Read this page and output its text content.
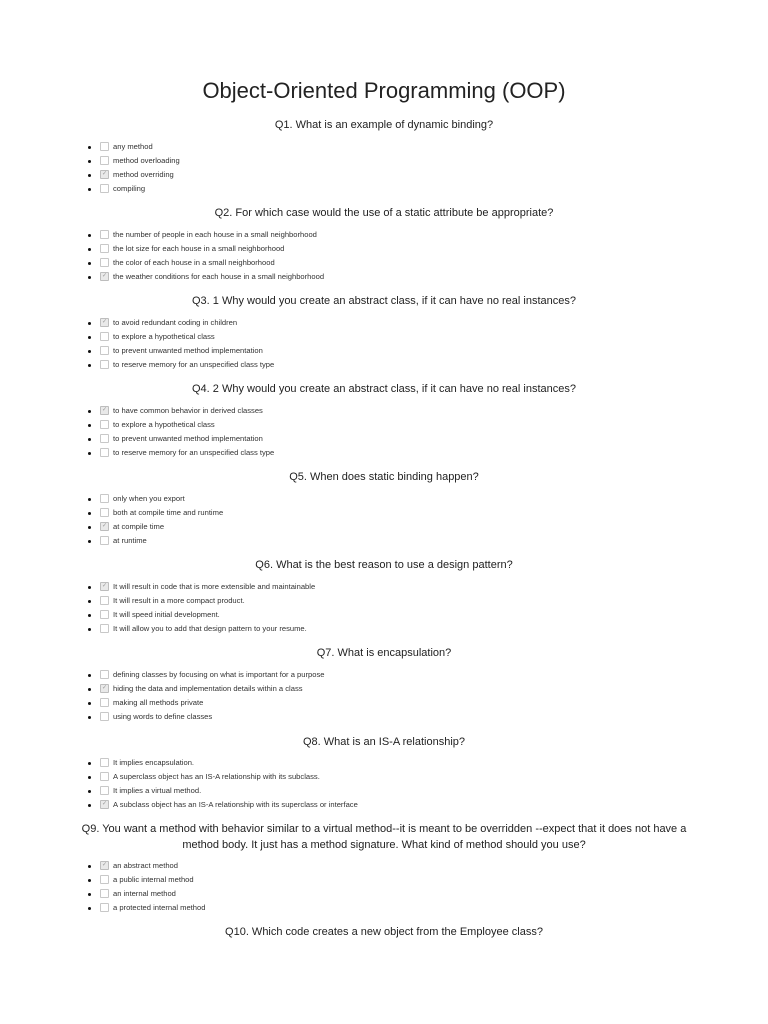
Object-Oriented Programming (OOP)

Q1. What is an example of dynamic binding?

any method
method overloading
✓ method overriding
compiling

Q2. For which case would the use of a static attribute be appropriate?

the number of people in each house in a small neighborhood
the lot size for each house in a small neighborhood
the color of each house in a small neighborhood
✓ the weather conditions for each house in a small neighborhood

Q3. 1 Why would you create an abstract class, if it can have no real instances?

✓ to avoid redundant coding in children
to explore a hypothetical class
to prevent unwanted method implementation
to reserve memory for an unspecified class type

Q4. 2 Why would you create an abstract class, if it can have no real instances?

✓ to have common behavior in derived classes
to explore a hypothetical class
to prevent unwanted method implementation
to reserve memory for an unspecified class type

Q5. When does static binding happen?

only when you export
both at compile time and runtime
✓ at compile time
at runtime

Q6. What is the best reason to use a design pattern?

✓ It will result in code that is more extensible and maintainable
It will result in a more compact product.
It will speed initial development.
It will allow you to add that design pattern to your resume.

Q7. What is encapsulation?

defining classes by focusing on what is important for a purpose
✓ hiding the data and implementation details within a class
making all methods private
using words to define classes

Q8. What is an IS-A relationship?

It implies encapsulation.
A superclass object has an IS-A relationship with its subclass.
It implies a virtual method.
✓ A subclass object has an IS-A relationship with its superclass or interface

Q9. You want a method with behavior similar to a virtual method--it is meant to be overridden --expect that it does not have a method body. It just has a method signature. What kind of method should you use?

✓ an abstract method
a public internal method
an internal method
a protected internal method

Q10. Which code creates a new object from the Employee class?
